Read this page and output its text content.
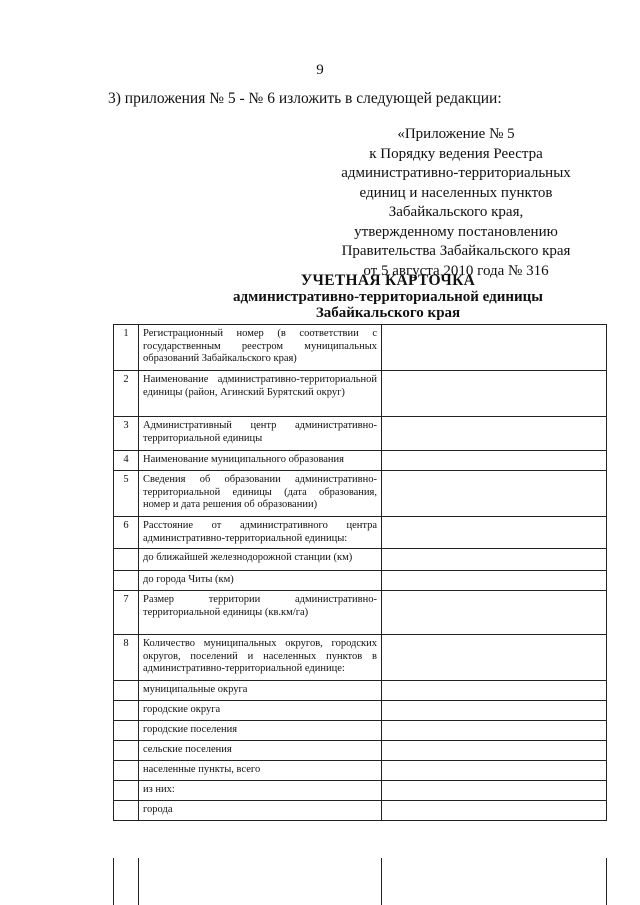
9
3) приложения № 5 - № 6 изложить в следующей редакции:
«Приложение № 5
к Порядку ведения Реестра
административно-территориальных
единиц и населенных пунктов
Забайкальского края,
утвержденному постановлению
Правительства Забайкальского края
от 5 августа 2010 года № 316
УЧЕТНАЯ КАРТОЧКА
административно-территориальной единицы
Забайкальского края
1	Регистрационный номер (в соответствии с государственным реестром муниципальных образований Забайкальского края)	
2	Наименование административно-территориальной единицы (район, Агинский Бурятский округ)	
3	Административный центр административно-территориальной единицы	
4	Наименование муниципального образования	
5	Сведения об образовании административно-территориальной единицы (дата образования, номер и дата решения об образовании)	
6	Расстояние от административного центра административно-территориальной единицы:	
	до ближайшей железнодорожной станции (км)	
	до города Читы (км)	
7	Размер территории административно-территориальной единицы (кв.км/га)	
8	Количество муниципальных округов, городских округов, поселений и населенных пунктов в административно-территориальной единице:	
	муниципальные округа	
	городские округа	
	городские поселения	
	сельские поселения	
	населенные пункты, всего	
	из них:	
	города	
